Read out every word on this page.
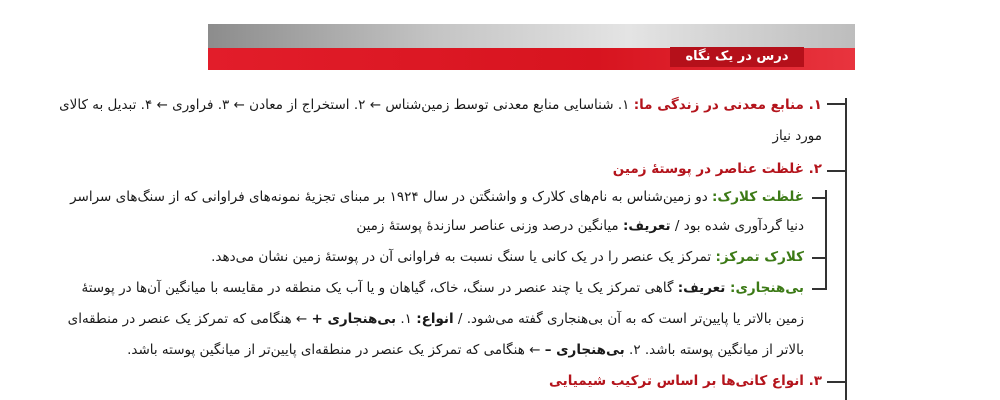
درس در یک نگاه
۱. منابع معدنی در زندگی ما: ۱. شناسایی منابع معدنی توسط زمین‌شناس ← ۲. استخراج از معادن ← ۳. فراوری ← ۴. تبدیل به کالای
مورد نیاز
۲. غلظت عناصر در پوستهٔ زمین
غلظت کلارک: دو زمین‌شناس به نام‌های کلارک و واشنگتن در سال ۱۹۲۴ بر مبنای تجزیهٔ نمونه‌های فراوانی که از سنگ‌های سراسر
دنیا گردآوری شده بود / تعریف: میانگین درصد وزنی عناصر سازندهٔ پوستهٔ زمین
کلارک تمرکز: تمرکز یک عنصر را در یک کانی یا سنگ نسبت به فراوانی آن در پوستهٔ زمین نشان می‌دهد.
بی‌هنجاری: تعریف: گاهی تمرکز یک یا چند عنصر در سنگ، خاک، گیاهان و یا آب یک منطقه در مقایسه با میانگین آن‌ها در پوستهٔ
زمین بالاتر یا پایین‌تر است که به آن بی‌هنجاری گفته می‌شود. / انواع: ۱. بی‌هنجاری + ← هنگامی که تمرکز یک عنصر در منطقه‌ای
بالاتر از میانگین پوسته باشد. ۲. بی‌هنجاری – ← هنگامی که تمرکز یک عنصر در منطقه‌ای پایین‌تر از میانگین پوسته باشد.
۳. انواع کانی‌ها بر اساس ترکیب شیمیایی
